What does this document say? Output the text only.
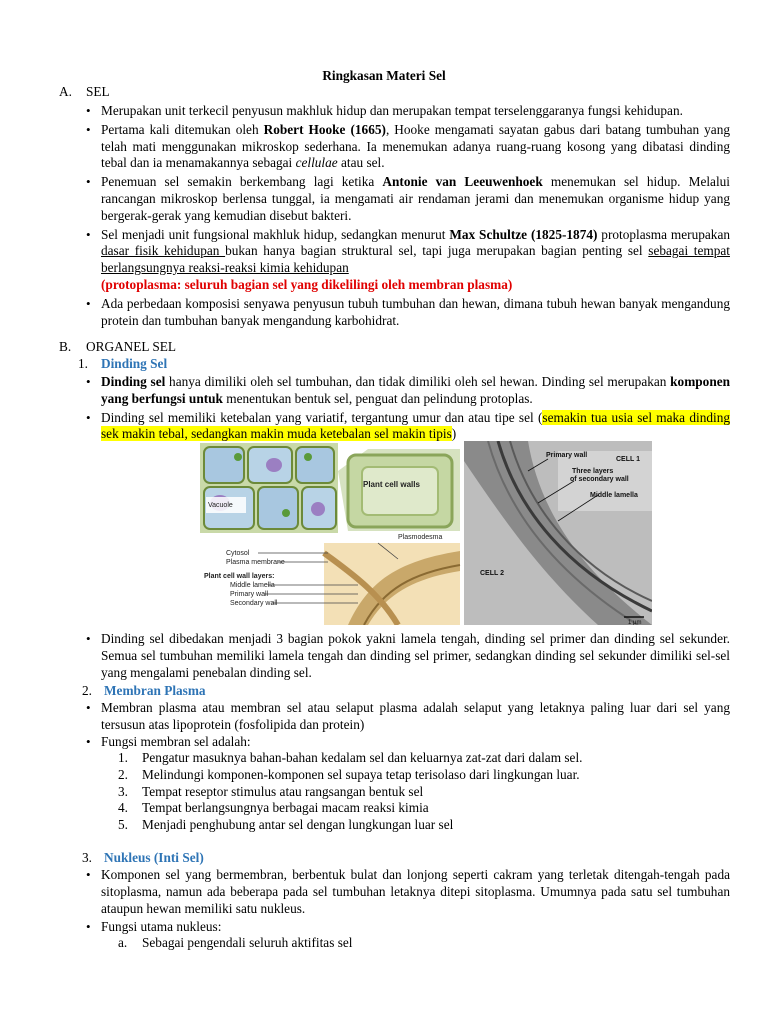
Ringkasan Materi Sel
A. SEL
• Merupakan unit terkecil penyusun makhluk hidup dan merupakan tempat terselenggaranya fungsi kehidupan.
• Pertama kali ditemukan oleh Robert Hooke (1665), Hooke mengamati sayatan gabus dari batang tumbuhan yang telah mati menggunakan mikroskop sederhana. Ia menemukan adanya ruang-ruang kosong yang dibatasi dinding tebal dan ia menamakannya sebagai cellulae atau sel.
• Penemuan sel semakin berkembang lagi ketika Antonie van Leeuwenhoek menemukan sel hidup. Melalui rancangan mikroskop berlensa tunggal, ia mengamati air rendaman jerami dan menemukan organisme hidup yang bergerak-gerak yang kemudian disebut bakteri.
• Sel menjadi unit fungsional makhluk hidup, sedangkan menurut Max Schultze (1825-1874) protoplasma merupakan dasar fisik kehidupan bukan hanya bagian struktural sel, tapi juga merupakan bagian penting sel sebagai tempat berlangsungnya reaksi-reaksi kimia kehidupan
(protoplasma: seluruh bagian sel yang dikelilingi oleh membran plasma)
• Ada perbedaan komposisi senyawa penyusun tubuh tumbuhan dan hewan, dimana tubuh hewan banyak mengandung protein dan tumbuhan banyak mengandung karbohidrat.
B. ORGANEL SEL
1. Dinding Sel
• Dinding sel hanya dimiliki oleh sel tumbuhan, dan tidak dimiliki oleh sel hewan. Dinding sel merupakan komponen yang berfungsi untuk menentukan bentuk sel, penguat dan pelindung protoplas.
• Dinding sel memiliki ketebalan yang variatif, tergantung umur dan atau tipe sel (semakin tua usia sel maka dinding sek makin tebal, sedangkan makin muda ketebalan sel makin tipis)
Plant cell walls
Vacuole
Cytosol
Plasma membrane
Plant cell wall layers:
Middle lamella
Primary wall
Secondary wall
Plasmodesma
Primary wall
CELL 1
Three layers
of secondary wall
Middle lamella
CELL 2
1 µm
• Dinding sel dibedakan menjadi 3 bagian pokok yakni lamela tengah, dinding sel primer dan dinding sel sekunder. Semua sel tumbuhan memiliki lamela tengah dan dinding sel primer, sedangkan dinding sel sekunder dimiliki sel-sel yang mengalami penebalan dinding sel.
2. Membran Plasma
• Membran plasma atau membran sel atau selaput plasma adalah selaput yang letaknya paling luar dari sel yang tersusun atas lipoprotein (fosfolipida dan protein)
• Fungsi membran sel adalah:
1. Pengatur masuknya bahan-bahan kedalam sel dan keluarnya zat-zat dari dalam sel.
2. Melindungi komponen-komponen sel supaya tetap terisolaso dari lingkungan luar.
3. Tempat reseptor stimulus atau rangsangan bentuk sel
4. Tempat berlangsungnya berbagai macam reaksi kimia
5. Menjadi penghubung antar sel dengan lungkungan luar sel
3. Nukleus (Inti Sel)
• Komponen sel yang bermembran, berbentuk bulat dan lonjong seperti cakram yang terletak ditengah-tengah pada sitoplasma, namun ada beberapa pada sel tumbuhan letaknya ditepi sitoplasma. Umumnya pada satu sel tumbuhan ataupun hewan memiliki satu nukleus.
• Fungsi utama nukleus:
a. Sebagai pengendali seluruh aktifitas sel
